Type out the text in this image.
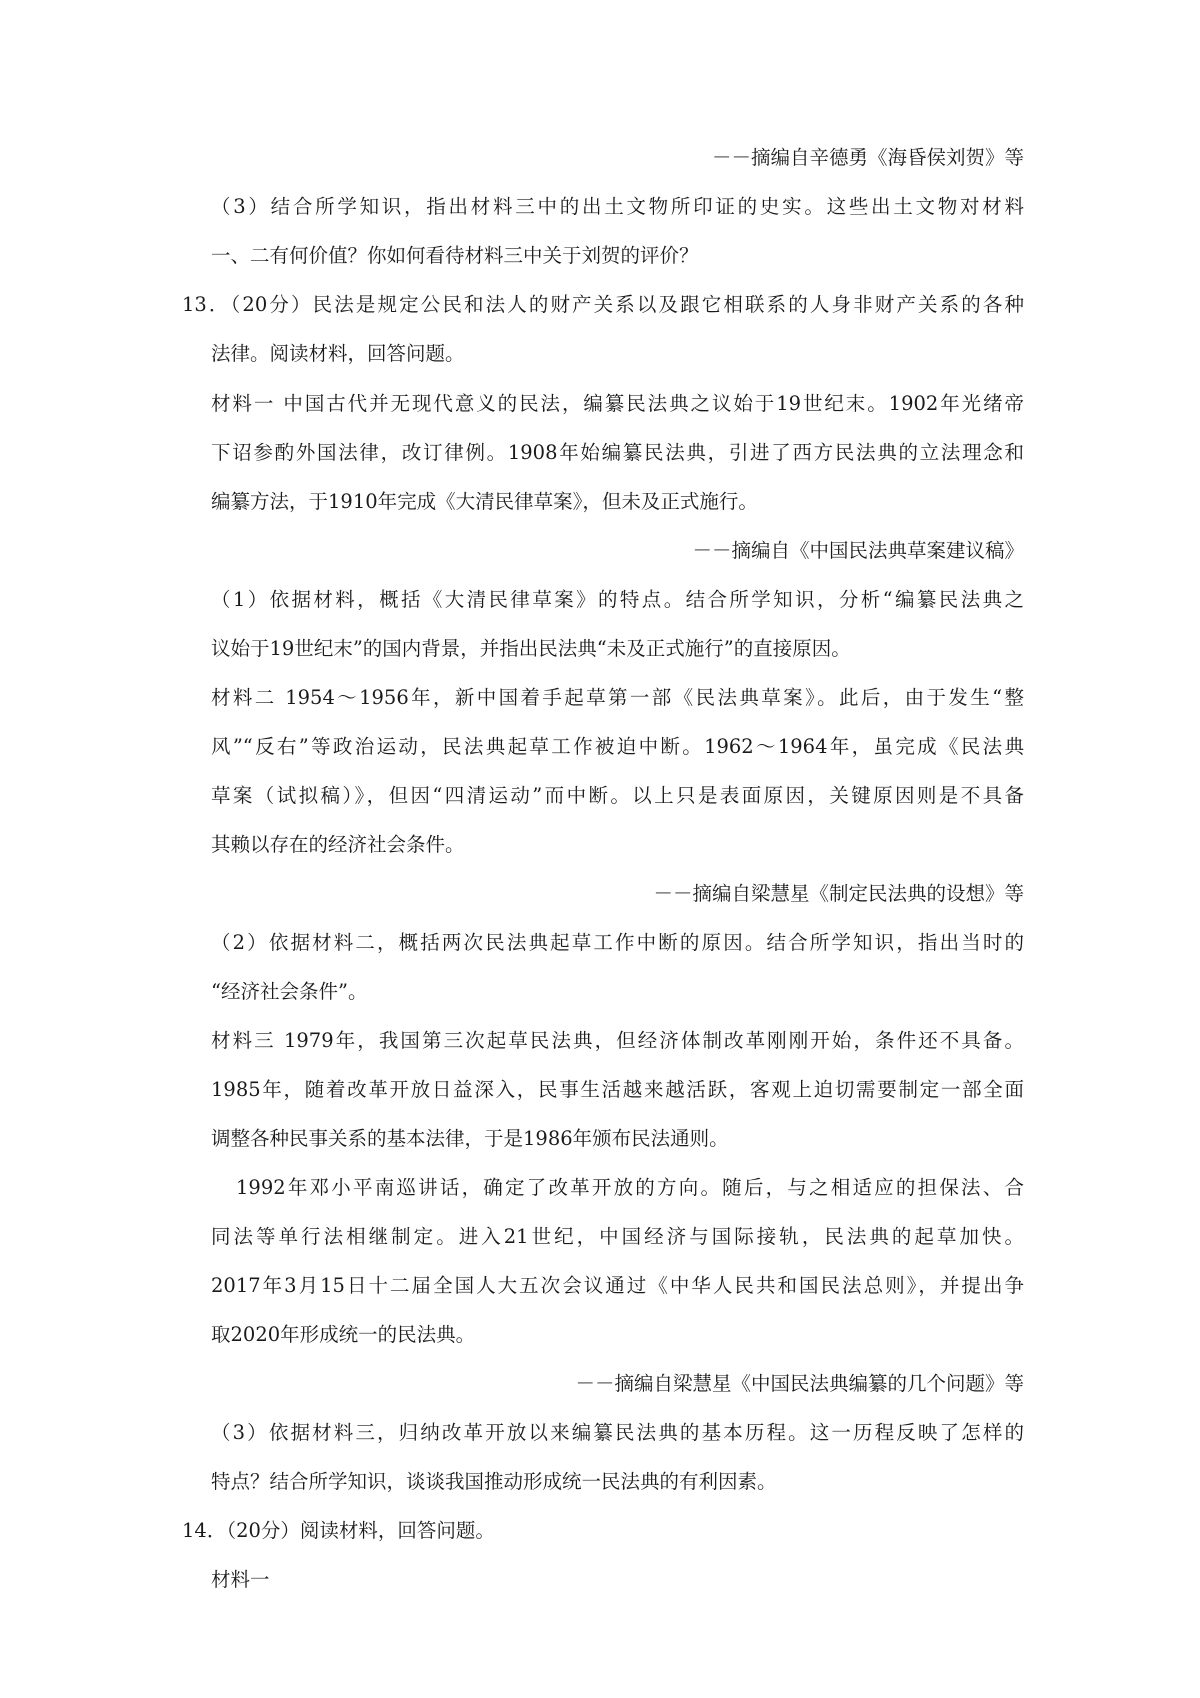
－－摘编自辛德勇《海昏侯刘贺》等
（3）结合所学知识，指出材料三中的出土文物所印证的史实。这些出土文物对材料
一、二有何价值？你如何看待材料三中关于刘贺的评价？
13．（20分）民法是规定公民和法人的财产关系以及跟它相联系的人身非财产关系的各种
法律。阅读材料，回答问题。
材料一 中国古代并无现代意义的民法，编纂民法典之议始于19世纪末。1902年光绪帝
下诏参酌外国法律，改订律例。1908年始编纂民法典，引进了西方民法典的立法理念和
编纂方法，于1910年完成《大清民律草案》，但未及正式施行。
－－摘编自《中国民法典草案建议稿》
（1）依据材料，概括《大清民律草案》的特点。结合所学知识，分析“编纂民法典之
议始于19世纪末”的国内背景，并指出民法典“未及正式施行”的直接原因。
材料二 1954～1956年，新中国着手起草第一部《民法典草案》。此后，由于发生“整
风”“反右”等政治运动，民法典起草工作被迫中断。1962～1964年，虽完成《民法典
草案（试拟稿）》，但因“四清运动”而中断。以上只是表面原因，关键原因则是不具备
其赖以存在的经济社会条件。
－－摘编自梁慧星《制定民法典的设想》等
（2）依据材料二，概括两次民法典起草工作中断的原因。结合所学知识，指出当时的
“经济社会条件”。
材料三 1979年，我国第三次起草民法典，但经济体制改革刚刚开始，条件还不具备。
1985年，随着改革开放日益深入，民事生活越来越活跃，客观上迫切需要制定一部全面
调整各种民事关系的基本法律，于是1986年颁布民法通则。
1992年邓小平南巡讲话，确定了改革开放的方向。随后，与之相适应的担保法、合
同法等单行法相继制定。进入21世纪，中国经济与国际接轨，民法典的起草加快。
2017年3月15日十二届全国人大五次会议通过《中华人民共和国民法总则》，并提出争
取2020年形成统一的民法典。
－－摘编自梁慧星《中国民法典编纂的几个问题》等
（3）依据材料三，归纳改革开放以来编纂民法典的基本历程。这一历程反映了怎样的
特点？结合所学知识，谈谈我国推动形成统一民法典的有利因素。
14．（20分）阅读材料，回答问题。
材料一
